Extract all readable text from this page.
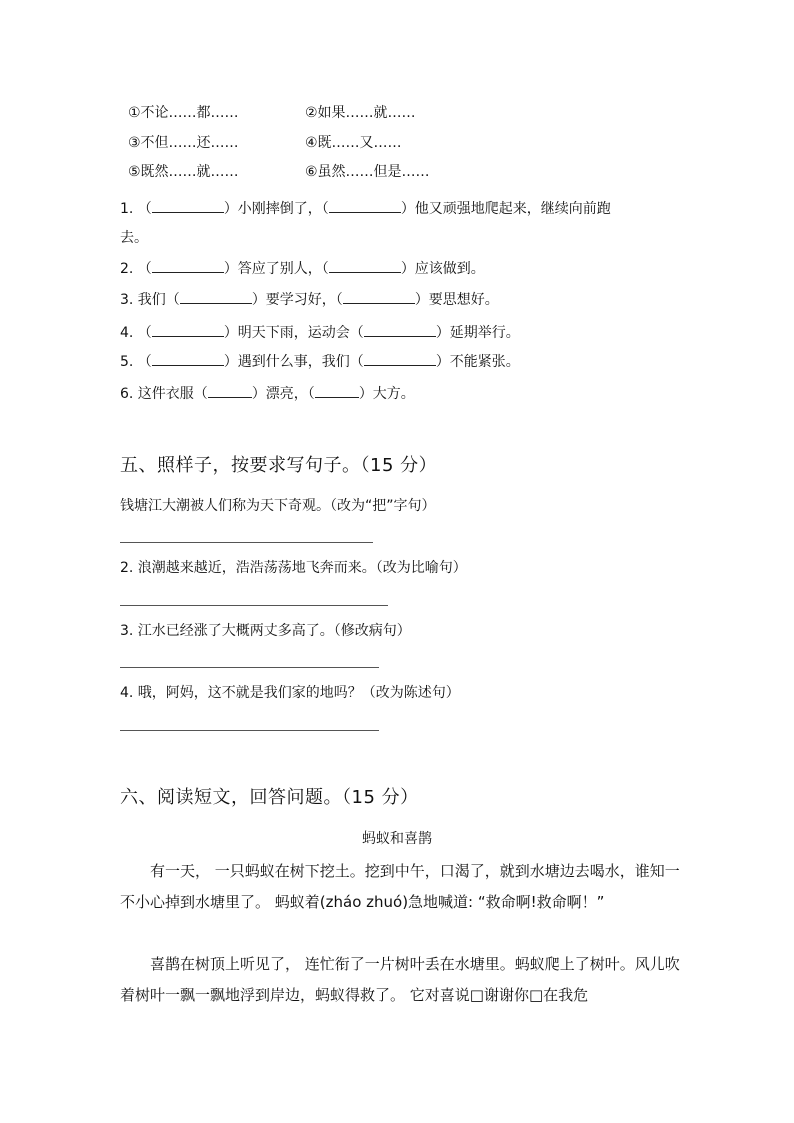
①不论……都……	②如果……就……
③不但……还……	④既……又……
⑤既然……就……	⑥虽然……但是……
1. （	）小刚摔倒了，（	）他又顽强地爬起来，继续向前跑
去。
2. （	）答应了别人，（	）应该做到。
3. 我们（	）要学习好，（	）要思想好。
4. （	）明天下雨，运动会（	）延期举行。
5. （	）遇到什么事，我们（	）不能紧张。
6. 这件衣服（	）漂亮，（	）大方。
五、照样子，按要求写句子。（15 分）
钱塘江大潮被人们称为天下奇观。（改为“把”字句）
2. 浪潮越来越近，浩浩荡荡地飞奔而来。（改为比喻句）
3. 江水已经涨了大概两丈多高了。（修改病句）
4. 哦，阿妈，这不就是我们家的地吗？（改为陈述句）
六、阅读短文，回答问题。（15 分）
蚂蚁和喜鹊
有一天， 一只蚂蚁在树下挖土。挖到中午，口渴了，就到水塘边去喝水，谁知一不小心掉到水塘里了。 蚂蚁着(zháo zhuó)急地喊道: “救命啊!救命啊！”
喜鹊在树顶上听见了， 连忙衔了一片树叶丢在水塘里。蚂蚁爬上了树叶。风儿吹着树叶一飘一飘地浮到岸边，蚂蚁得救了。 它对喜说□谢谢你□在我危
